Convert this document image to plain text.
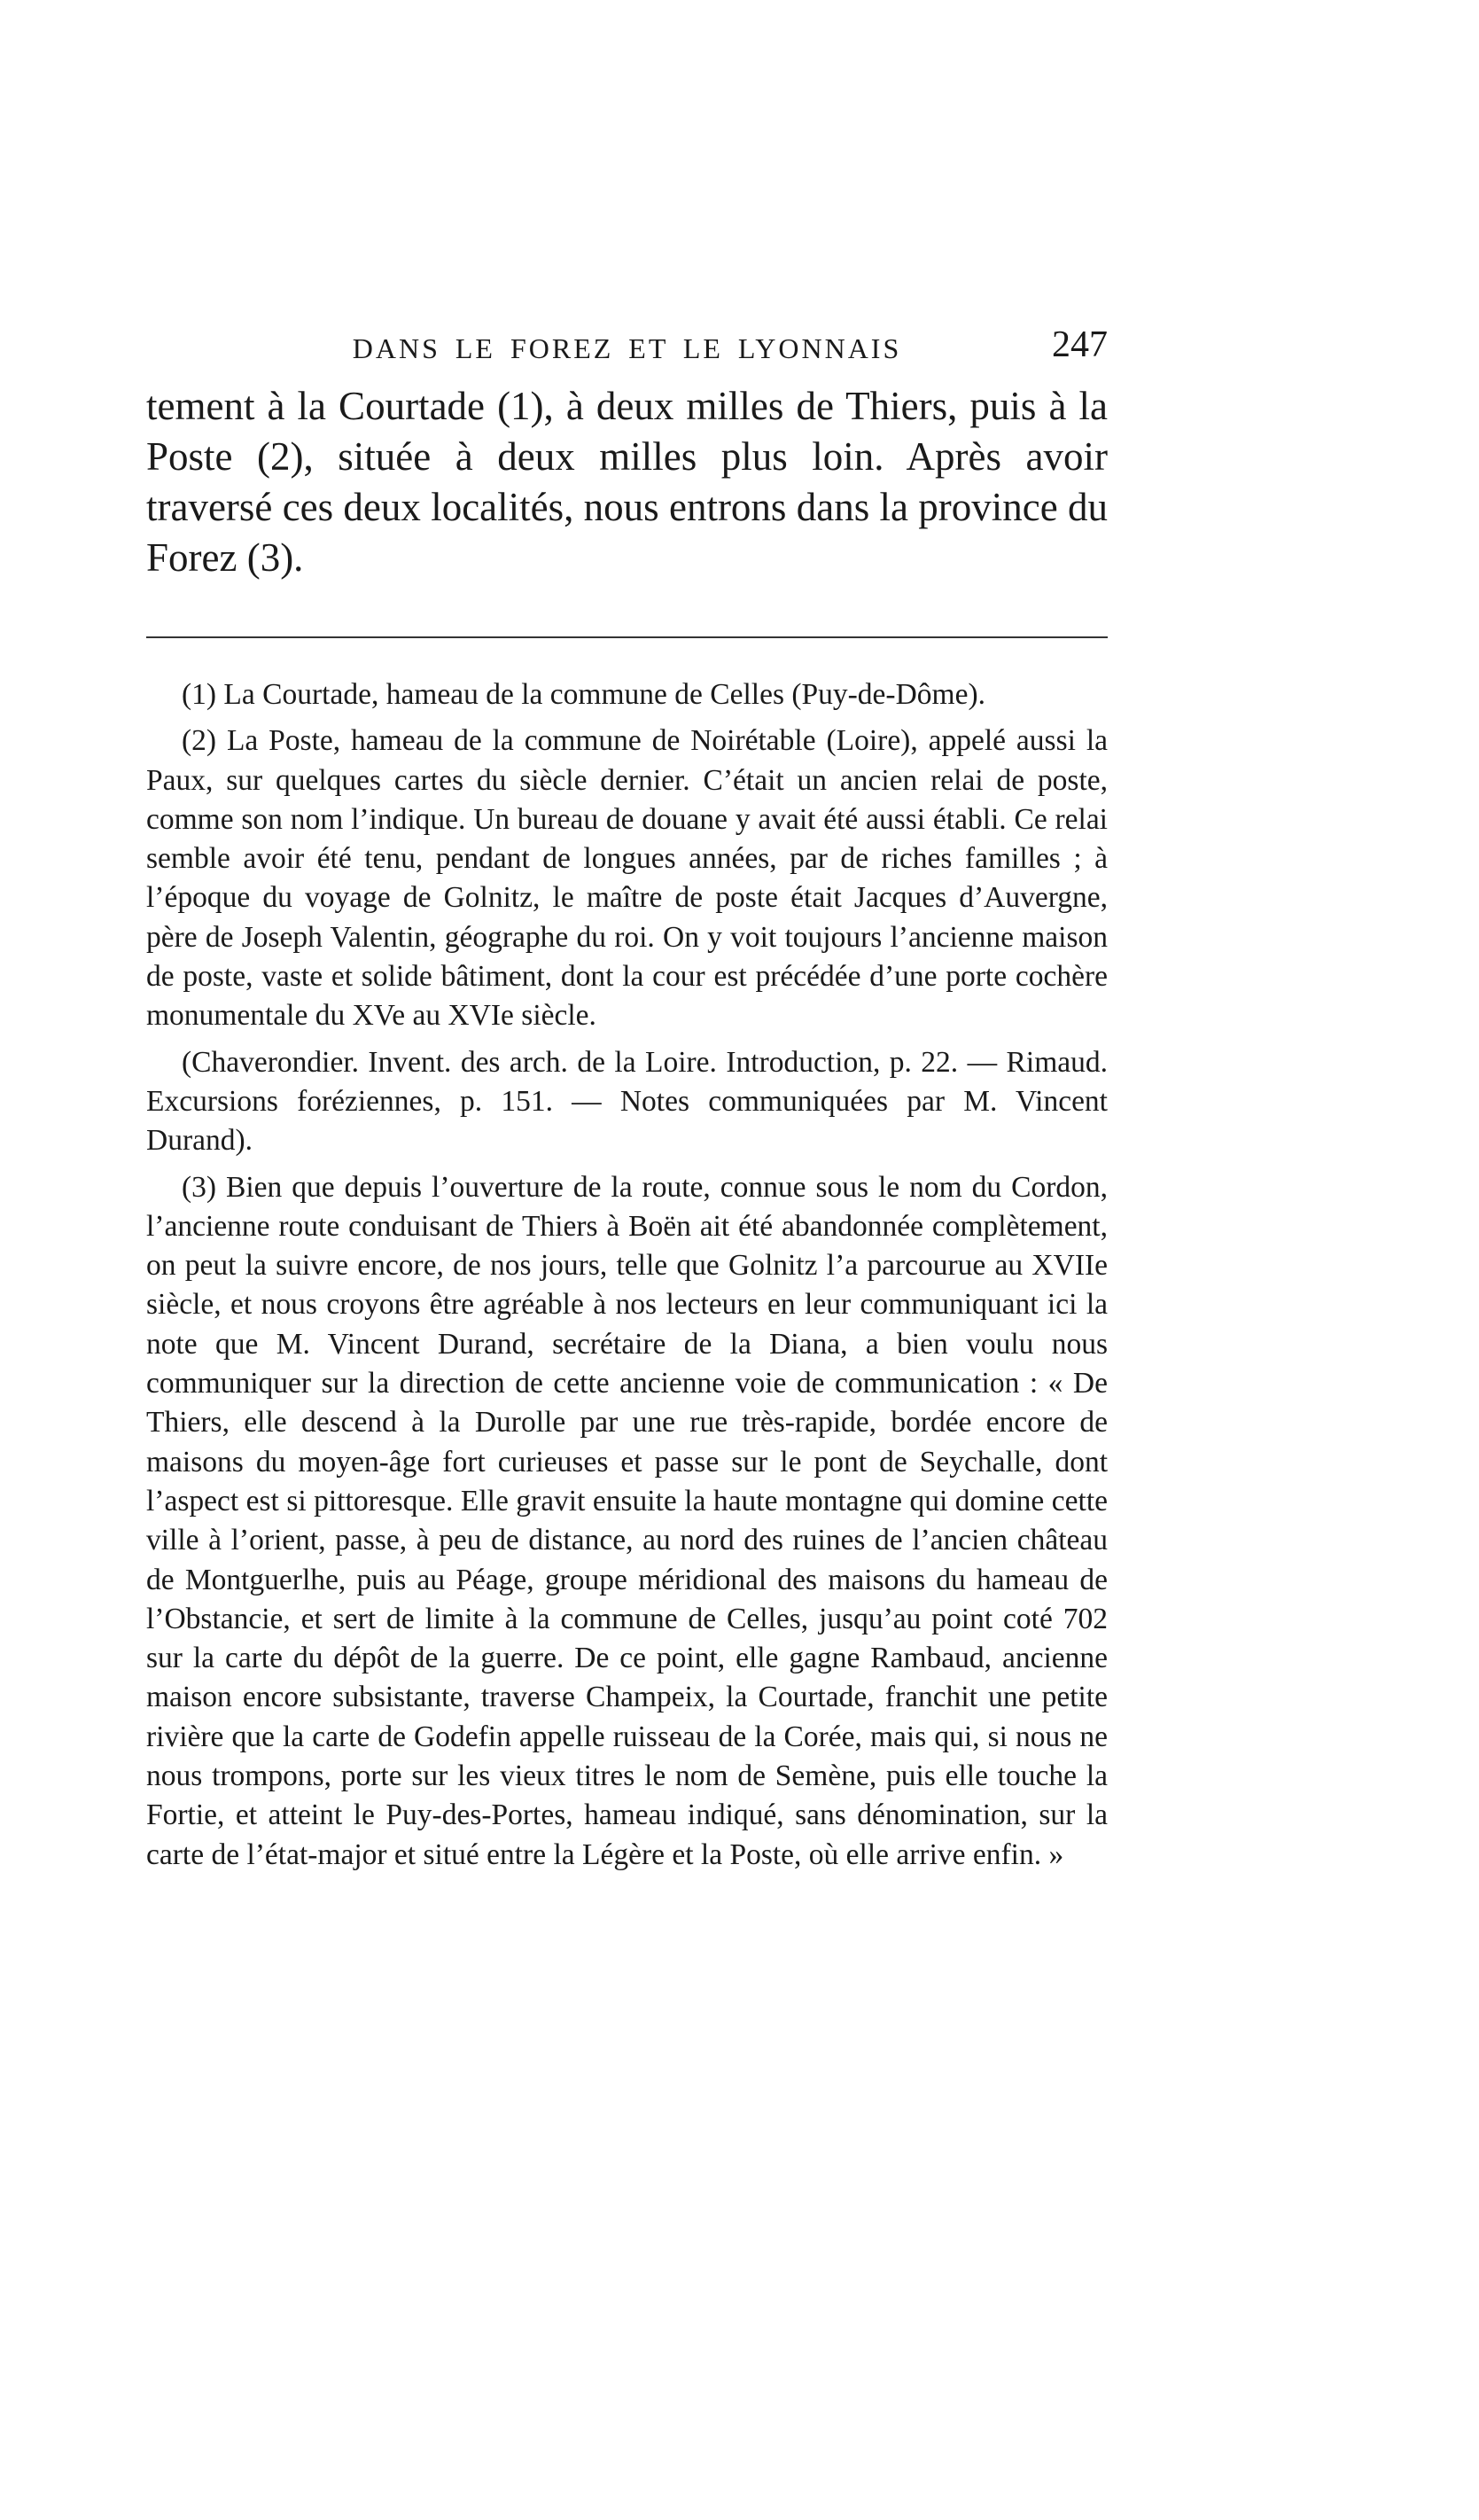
DANS LE FOREZ ET LE LYONNAIS	247

tement à la Courtade (1), à deux milles de Thiers, puis à la Poste (2), située à deux milles plus loin. Après avoir traversé ces deux localités, nous entrons dans la province du Forez (3).

(1) La Courtade, hameau de la commune de Celles (Puy-de-Dôme).

(2) La Poste, hameau de la commune de Noirétable (Loire), appelé aussi la Paux, sur quelques cartes du siècle dernier. C’était un ancien relai de poste, comme son nom l’indique. Un bureau de douane y avait été aussi établi. Ce relai semble avoir été tenu, pendant de longues années, par de riches familles ; à l’époque du voyage de Golnitz, le maître de poste était Jacques d’Auvergne, père de Joseph Valentin, géographe du roi. On y voit toujours l’ancienne maison de poste, vaste et solide bâtiment, dont la cour est précédée d’une porte cochère monumentale du XVe au XVIe siècle.

(Chaverondier. Invent. des arch. de la Loire. Introduction, p. 22. — Rimaud. Excursions foréziennes, p. 151. — Notes communiquées par M. Vincent Durand).

(3) Bien que depuis l’ouverture de la route, connue sous le nom du Cordon, l’ancienne route conduisant de Thiers à Boën ait été abandonnée complètement, on peut la suivre encore, de nos jours, telle que Golnitz l’a parcourue au XVIIe siècle, et nous croyons être agréable à nos lecteurs en leur communiquant ici la note que M. Vincent Durand, secrétaire de la Diana, a bien voulu nous communiquer sur la direction de cette ancienne voie de communication : « De Thiers, elle descend à la Durolle par une rue très-rapide, bordée encore de maisons du moyen-âge fort curieuses et passe sur le pont de Seychalle, dont l’aspect est si pittoresque. Elle gravit ensuite la haute montagne qui domine cette ville à l’orient, passe, à peu de distance, au nord des ruines de l’ancien château de Montguerlhe, puis au Péage, groupe méridional des maisons du hameau de l’Obstancie, et sert de limite à la commune de Celles, jusqu’au point coté 702 sur la carte du dépôt de la guerre. De ce point, elle gagne Rambaud, ancienne maison encore subsistante, traverse Champeix, la Courtade, franchit une petite rivière que la carte de Godefin appelle ruisseau de la Corée, mais qui, si nous ne nous trompons, porte sur les vieux titres le nom de Semène, puis elle touche la Fortie, et atteint le Puy-des-Portes, hameau indiqué, sans dénomination, sur la carte de l’état-major et situé entre la Légère et la Poste, où elle arrive enfin. »
